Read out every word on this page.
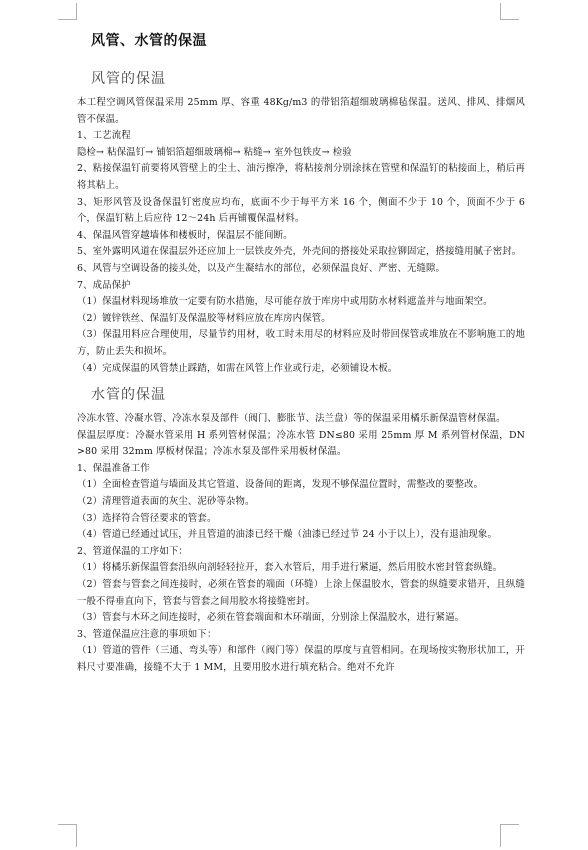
风管、水管的保温
风管的保温

本工程空调风管保温采用 25mm 厚、容重 48Kg/m3 的带铝箔超细玻璃棉毡保温。送风、排风、排烟风管不保温。

1、工艺流程

隐检→ 粘保温钉→ 铺铝箔超细玻璃棉→ 粘缝→ 室外包铁皮→ 检验

2、粘接保温钉前要将风管壁上的尘土、油污擦净，将粘接剂分别涂抹在管壁和保温钉的粘接面上，稍后再将其粘上。

3、矩形风管及设备保温钉密度应均布，底面不少于每平方米 16 个，侧面不少于 10 个，顶面不少于 6 个，保温钉粘上后应待 12～24h 后再铺覆保温材料。

4、保温风管穿越墙体和楼板时，保温层不能间断。

5、室外露明风道在保温层外还应加上一层铁皮外壳，外壳间的搭接处采取拉铆固定，搭接缝用腻子密封。

6、风管与空调设备的接头处，以及产生凝结水的部位，必须保温良好、严密、无缝隙。

7、成品保护

（1）保温材料现场堆放一定要有防水措施，尽可能存放于库房中或用防水材料遮盖并与地面架空。

（2）镀锌铁丝、保温钉及保温胶等材料应放在库房内保管。

（3）保温用料应合理使用，尽量节约用材，收工时未用尽的材料应及时带回保管或堆放在不影响施工的地方，防止丢失和损坏。

（4）完成保温的风管禁止踩踏，如需在风管上作业或行走，必须铺设木板。

水管的保温

冷冻水管、冷凝水管、冷冻水泵及部件（阀门、膨胀节、法兰盘）等的保温采用橘乐新保温管材保温。

保温层厚度：冷凝水管采用 H 系列管材保温；冷冻水管 DN≤80 采用 25mm 厚 M 系列管材保温，DN>80 采用 32mm 厚板材保温；冷冻水泵及部件采用板材保温。

1、保温准备工作

（1）全面检查管道与墙面及其它管道、设备间的距离，发现不够保温位置时，需整改的要整改。

（2）清理管道表面的灰尘、泥砂等杂物。

（3）选择符合管径要求的管套。

（4）管道已经通过试压，并且管道的油漆已经干燥（油漆已经过节 24 小于以上），没有退油现象。

2、管道保温的工序如下：

（1）将橘乐新保温管套沿纵向剖轻轻拉开，套入水管后，用手进行紧逼，然后用胶水密封管套纵缝。

（2）管套与管套之间连接时，必须在管套的端面（环缝）上涂上保温胶水，管套的纵缝要求错开，且纵缝一般不得垂直向下，管套与管套之间用胶水将接缝密封。

（3）管套与木环之间连接时，必须在管套端面和木环端面，分别涂上保温胶水，进行紧逼。

3、管道保温应注意的事项如下：

（1）管道的管件（三通、弯头等）和部件（阀门等）保温的厚度与直管相同。在现场按实物形状加工，开料尺寸要准确，接缝不大于 1 MM，且要用胶水进行填充粘合。绝对不允许
